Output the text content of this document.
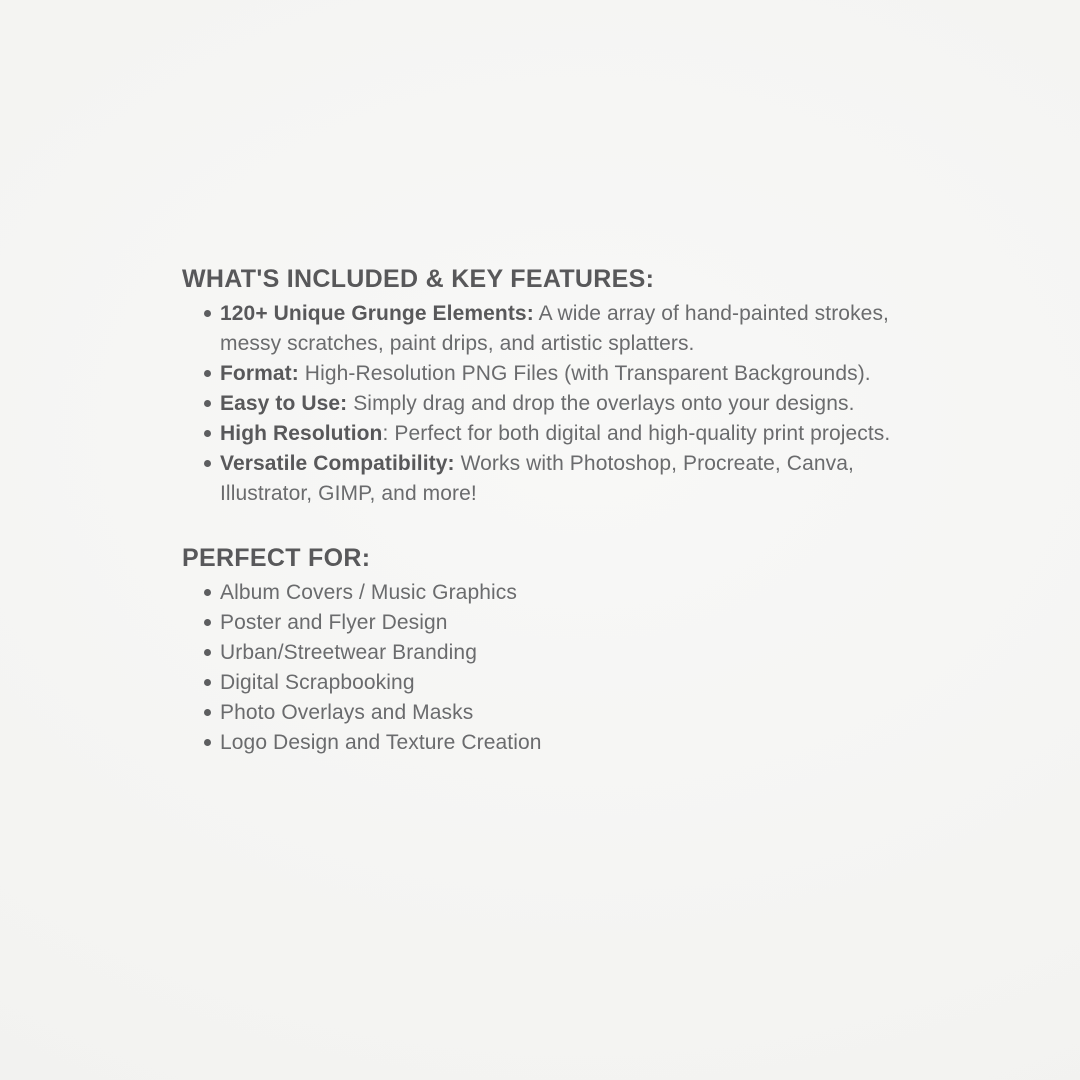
WHAT'S INCLUDED & KEY FEATURES:
120+ Unique Grunge Elements: A wide array of hand-painted strokes, messy scratches, paint drips, and artistic splatters.
Format: High-Resolution PNG Files (with Transparent Backgrounds).
Easy to Use: Simply drag and drop the overlays onto your designs.
High Resolution: Perfect for both digital and high-quality print projects.
Versatile Compatibility: Works with Photoshop, Procreate, Canva, Illustrator, GIMP, and more!
PERFECT FOR:
Album Covers / Music Graphics
Poster and Flyer Design
Urban/Streetwear Branding
Digital Scrapbooking
Photo Overlays and Masks
Logo Design and Texture Creation
